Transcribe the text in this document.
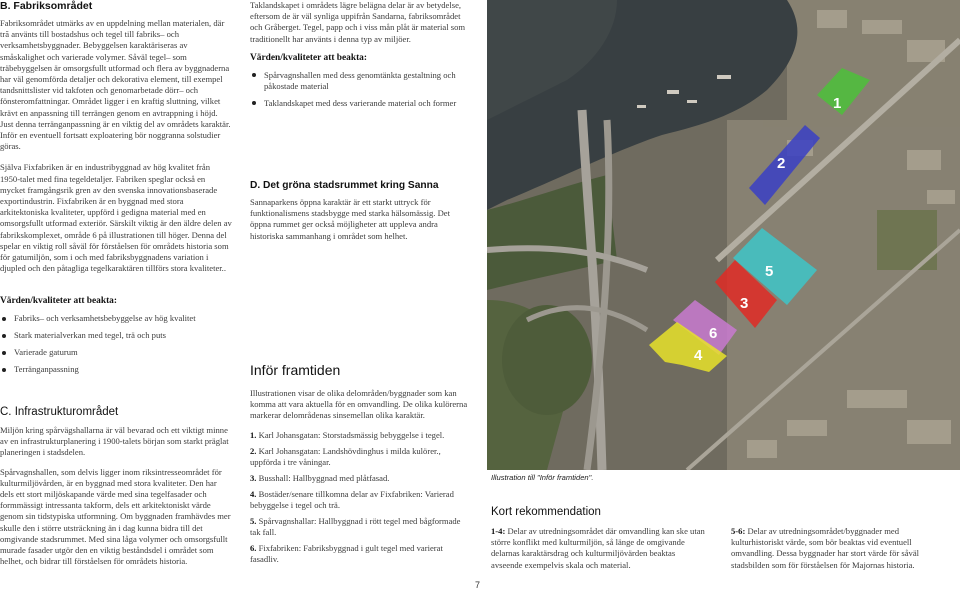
B. Fabriksområdet

Fabriksområdet utmärks av en uppdelning mellan materialen, där tră använts till bostadshus och tegel till fabriks– och verksamhetsbyggnader. Bebyggelsen karaktäriseras av småskalighet och varierade volymer. Såväl tegel– som träbebyggelsen är omsorgsfullt utformad och flera av byggnaderna har väl genomförda detaljer och dekorativa element, till exempel tandsnittslister vid takfoten och genomarbetade dörr– och fönsteromfattningar. Området ligger i en kraftig sluttning, vilket krävt en anpassning till terrängen genom en avtrappning i höjd. Just denna terränganpassning är en viktig del av områdets karaktär. Inför en eventuell fortsatt exploatering bör noggranna solstudier göras.

Själva Fixfabriken är en industribyggnad av hög kvalitet från 1950-talet med fina tegeldetaljer. Fabriken speglar också en mycket framgångsrik gren av den svenska innovationsbaserade exportindustrin. Fixfabriken är en byggnad med stora arkitektoniska kvaliteter, uppförd i gedigna material med en omsorgsfullt utformad exteriör. Särskilt viktig är den äldre delen av fabrikskomplexet, område 6 på illustrationen till höger. Denna del spelar en viktig roll såväl för förståelsen för områdets historia som för gatumiljön, som i och med fabriksbyggnadens variation i djupled och den påtagliga tegelkaraktären tillförs stora kvaliteter..

Värden/kvaliteter att beakta:
Fabriks– och verksamhetsbebyggelse av hög kvalitet
Stark materialverkan med tegel, trä och puts
Varierade gaturum
Terränganpassning
C. Infrastrukturområdet

Miljön kring spårvägshallarna är väl bevarad och ett viktigt minne av en infrastrukturplanering i 1900-talets början som starkt präglat planeringen i stadsdelen.

Spårvagnshallen, som delvis ligger inom riksintresseområdet för kulturmiljövården, är en byggnad med stora kvaliteter. Den har dels ett stort miljöskapande värde med sina tegelfasader och formmässigt intressanta takform, dels ett arkitektoniskt värde genom sin tidstypiska utformning. Om byggnaden framhävdes mer skulle den i större utsträckning än i dag kunna bidra till det omgivande stadsrummet. Med sina låga volymer och omsorgsfullt murade fasader utgör den en viktig beståndsdel i området som helhet, och bidrar till förståelsen för områdets historia.

Taklandskapet i områdets lägre belägna delar är av betydelse, eftersom de är väl synliga uppifrån Sandarna, fabriksområdet och Gråberget. Tegel, papp och i viss mån plåt är material som traditionellt har använts i denna typ av miljöer.

Värden/kvaliteter att beakta:
Spårvagnshallen med dess genomtänkta gestaltning och påkostade material
Taklandskapet med dess varierande material och former
D. Det gröna stadsrummet kring Sanna

Sannaparkens öppna karaktär är ett starkt uttryck för funktionalismens stadsbygge med starka hälsomässig. Det öppna rummet ger också möjligheter att uppleva andra historiska sammanhang i området som helhet.

Inför framtiden

Illustrationen visar de olika delområden/byggnader som kan komma att vara aktuella för en omvandling. De olika kulörerna markerar delområdenas sinsemellan olika karaktär.

1. Karl Johansgatan: Storstadsmässig bebyggelse i tegel.
2. Karl Johansgatan: Landshövdinghus i milda kulörer., uppförda i tre våningar.
3. Busshall: Hallbyggnad med plåtfasad.
4. Bostäder/senare tillkomna delar av Fixfabriken: Varierad bebyggelse i tegel och trä.
5. Spårvagnshallar: Hallbyggnad i rött tegel med bågformade tak fall.
6. Fixfabriken: Fabriksbyggnad i gult tegel med varierat fasadliv.
7
1
2
3
4
5
6
Illustration till "Inför framtiden".
Kort rekommendation

1-4: Delar av utredningsområdet där omvandling kan ske utan större konflikt med kulturmiljön, så länge de omgivande delarnas karaktärsdrag och kulturmiljövärden beaktas avseende exempelvis skala och material.

5-6: Delar av utredningsområdet/byggnader med kulturhistoriskt värde, som bör beaktas vid eventuell omvandling. Dessa byggnader har stort värde för såväl stadsbilden som för förståelsen för Majornas historia.
